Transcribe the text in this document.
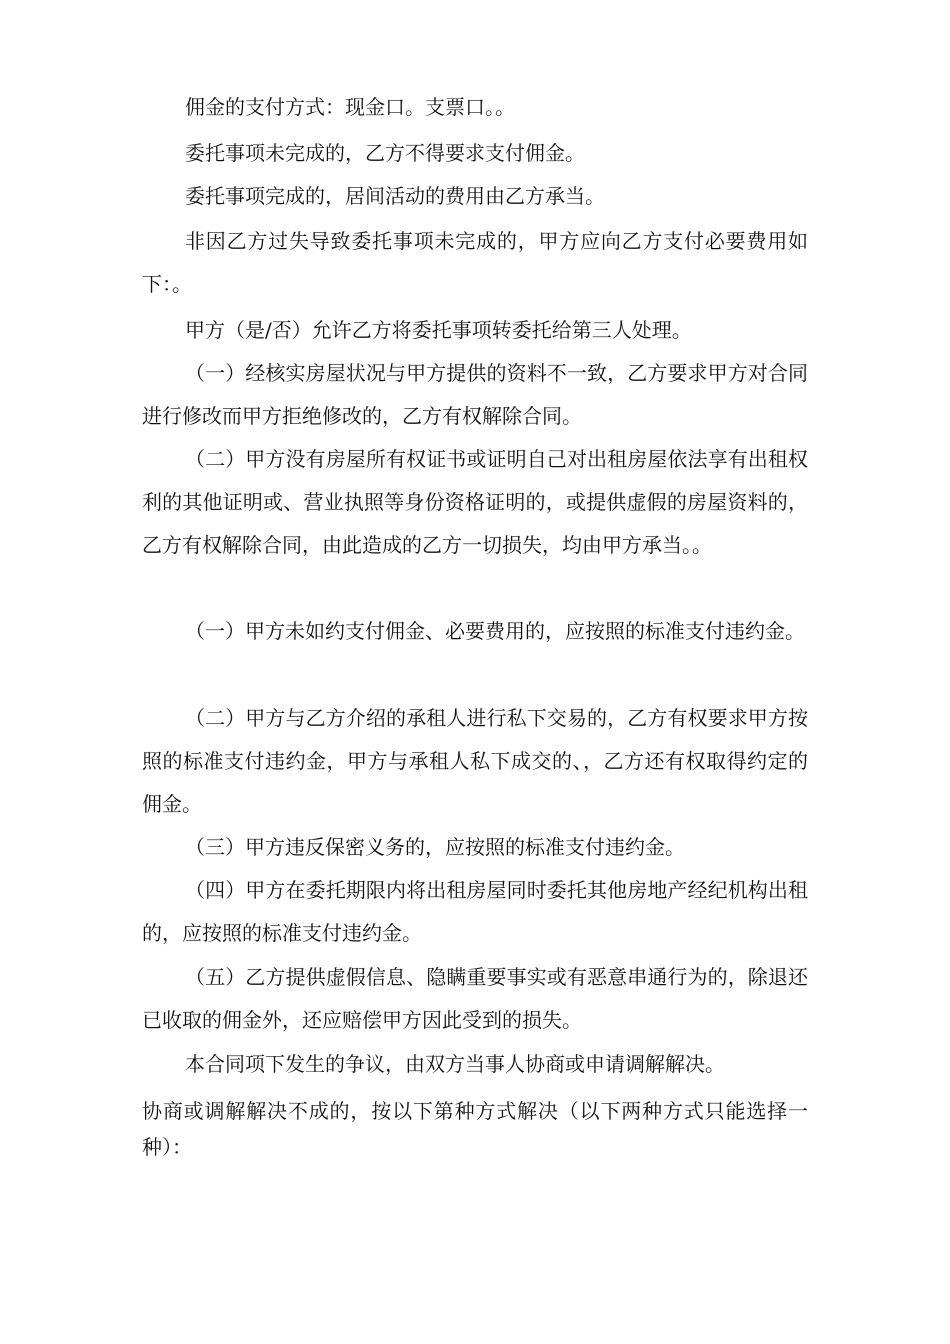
佣金的支付方式：现金口。支票口。。

委托事项未完成的，乙方不得要求支付佣金。

委托事项完成的，居间活动的费用由乙方承当。

非因乙方过失导致委托事项未完成的，甲方应向乙方支付必要费用如下：。

甲方（是/否）允许乙方将委托事项转委托给第三人处理。

（一）经核实房屋状况与甲方提供的资料不一致，乙方要求甲方对合同进行修改而甲方拒绝修改的，乙方有权解除合同。

（二）甲方没有房屋所有权证书或证明自己对出租房屋依法享有出租权利的其他证明或、营业执照等身份资格证明的，或提供虚假的房屋资料的，乙方有权解除合同，由此造成的乙方一切损失，均由甲方承当。。

（一）甲方未如约支付佣金、必要费用的，应按照的标准支付违约金。

（二）甲方与乙方介绍的承租人进行私下交易的，乙方有权要求甲方按照的标准支付违约金，甲方与承租人私下成交的、，乙方还有权取得约定的佣金。

（三）甲方违反保密义务的，应按照的标准支付违约金。

（四）甲方在委托期限内将出租房屋同时委托其他房地产经纪机构出租的，应按照的标准支付违约金。

（五）乙方提供虚假信息、隐瞒重要事实或有恶意串通行为的，除退还已收取的佣金外，还应赔偿甲方因此受到的损失。

本合同项下发生的争议，由双方当事人协商或申请调解解决。

协商或调解解决不成的，按以下第种方式解决（以下两种方式只能选择一种）：
